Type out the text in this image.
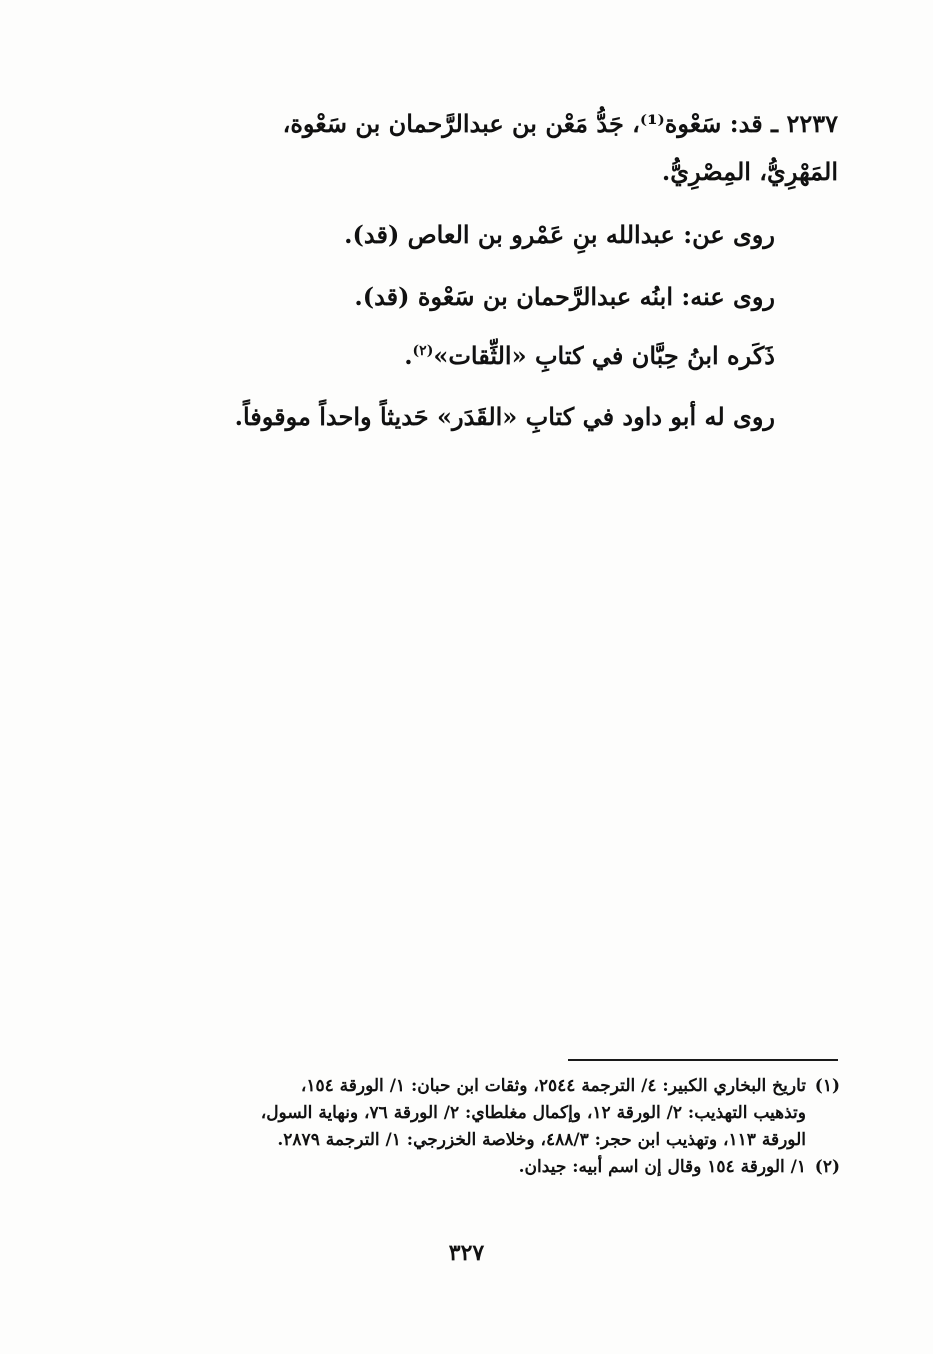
٢٢٣٧ ـ قد: سَعْوة⁽¹⁾، جَدُّ مَعْن بن عبدالرَّحمان بن سَعْوة،
المَهْرِيُّ، المِصْرِيُّ.
روى عن: عبدالله بنِ عَمْرو بن العاص (قد).
روى عنه: ابنُه عبدالرَّحمان بن سَعْوة (قد).
ذَكَره ابنُ حِبَّان في كتابِ «الثِّقات»$^{(٢)}$.
روى له أبو داود في كتابِ «القَدَر» حَديثاً واحداً موقوفاً.
(١)تاريخ البخاري الكبير: ٤/ الترجمة ٢٥٤٤، وثقات ابن حبان: ١/ الورقة ١٥٤،
وتذهيب التهذيب: ٢/ الورقة ١٢، وإكمال مغلطاي: ٢/ الورقة ٧٦، ونهاية السول،
الورقة ١١٣، وتهذيب ابن حجر: ٤٨٨/٣، وخلاصة الخزرجي: ١/ الترجمة ٢٨٧٩.
(٢)١/ الورقة ١٥٤ وقال إن اسم أبيه: جيدان.
٣٢٧
